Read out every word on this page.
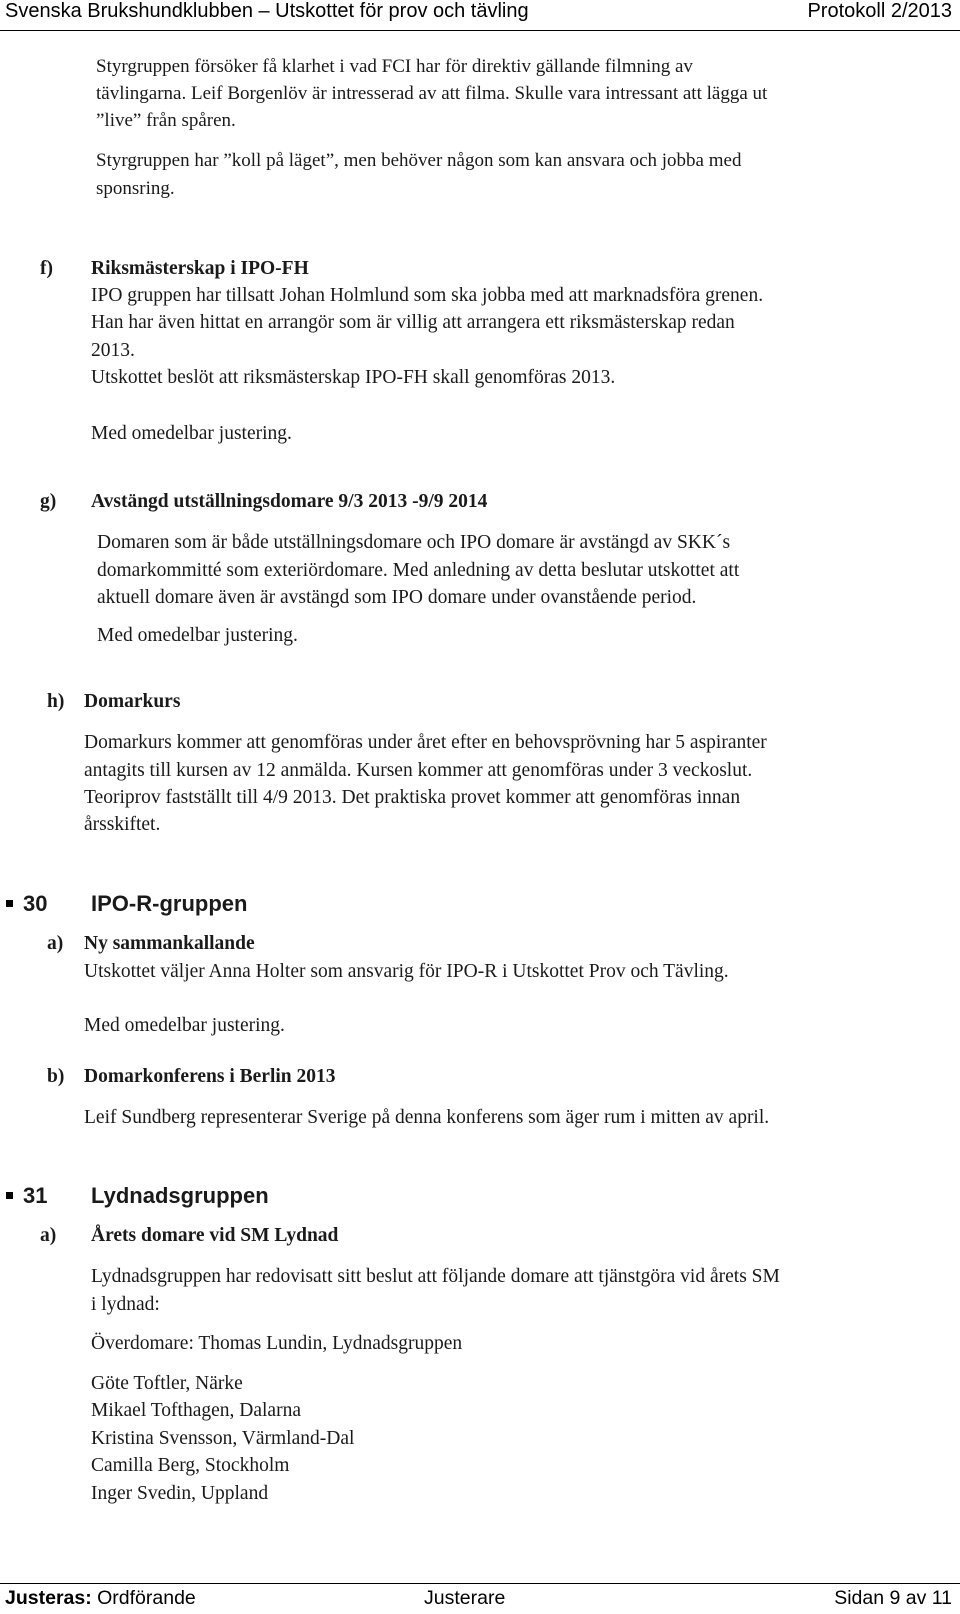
Svenska Brukshundklubben – Utskottet för prov och tävling	Protokoll 2/2013
Styrgruppen försöker få klarhet i vad FCI har för direktiv gällande filmning av
tävlingarna. Leif Borgenlöv är intresserad av att filma. Skulle vara intressant att lägga ut
”live” från spåren.
Styrgruppen har ”koll på läget”, men behöver någon som kan ansvara och jobba med
sponsring.
f) Riksmästerskap i IPO-FH
IPO gruppen har tillsatt Johan Holmlund som ska jobba med att marknadsföra grenen.
Han har även hittat en arrangör som är villig att arrangera ett riksmästerskap redan
2013.
Utskottet beslöt att riksmästerskap IPO-FH skall genomföras 2013.
Med omedelbar justering.
g) Avstängd utställningsdomare 9/3 2013 -9/9 2014
Domaren som är både utställningsdomare och IPO domare är avstängd av SKK´s
domarkommitté som exteriördomare. Med anledning av detta beslutar utskottet att
aktuell domare även är avstängd som IPO domare under ovanstående period.
Med omedelbar justering.
h) Domarkurs
Domarkurs kommer att genomföras under året efter en behovsprövning har 5 aspiranter
antagits till kursen av 12 anmälda. Kursen kommer att genomföras under 3 veckoslut.
Teoriprov fastställt till 4/9 2013. Det praktiska provet kommer att genomföras innan
årsskiftet.
30 IPO-R-gruppen
a) Ny sammankallande
Utskottet väljer Anna Holter som ansvarig för IPO-R i Utskottet Prov och Tävling.
Med omedelbar justering.
b) Domarkonferens i Berlin 2013
Leif Sundberg representerar Sverige på denna konferens som äger rum i mitten av april.
31 Lydnadsgruppen
a) Årets domare vid SM Lydnad
Lydnadsgruppen har redovisatt sitt beslut att följande domare att tjänstgöra vid årets SM
i lydnad:
Överdomare: Thomas Lundin, Lydnadsgruppen
Göte Toftler, Närke
Mikael Tofthagen, Dalarna
Kristina Svensson, Värmland-Dal
Camilla Berg, Stockholm
Inger Svedin, Uppland
Justeras: Ordförande	Justerare	Sidan 9 av 11
